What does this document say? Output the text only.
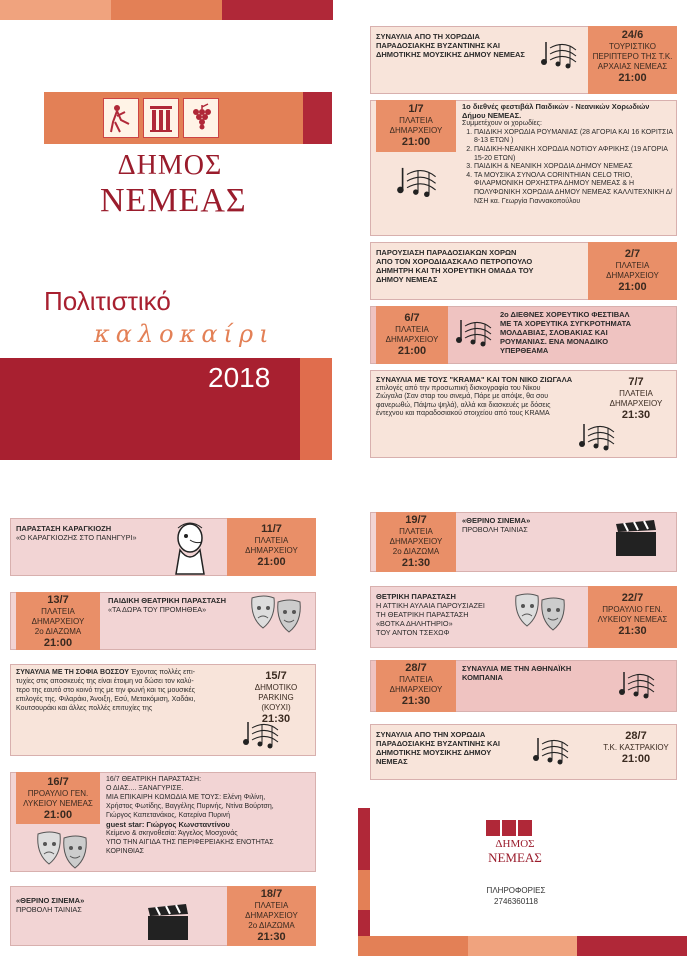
ΔΗΜΟΣ
ΝΕΜΕΑΣ
Πολιτιστικό
καλοκαίρι
2018
24/6
ΤΟΥΡΙΣΤΙΚΟ
ΠΕΡΙΠΤΕΡΟ ΤΗΣ Τ.Κ.
ΑΡΧΑΙΑΣ ΝΕΜΕΑΣ

21:00
ΣΥΝΑΥΛΙΑ ΑΠΟ ΤΗ ΧΟΡΩΔΙΑ
ΠΑΡΑΔΟΣΙΑΚΗΣ ΒΥΖΑΝΤΙΝΗΣ ΚΑΙ
ΔΗΜΟΤΙΚΗΣ ΜΟΥΣΙΚΗΣ ΔΗΜΟΥ ΝΕΜΕΑΣ
1/7
ΠΛΑΤΕΙΑ
ΔΗΜΑΡΧΕΙΟΥ

21:00
1ο διεθνές φεστιβάλ Παιδικών - Νεανικών Χορωδιών
Δήμου ΝΕΜΕΑΣ.
Συμμετέχουν οι χορωδίες:
1. ΠΑΙΔΙΚΗ ΧΟΡΩΔΙΑ ΡΟΥΜΑΝΙΑΣ (28 ΑΓΟΡΙΑ ΚΑΙ 16 ΚΟΡΙΤΣΙΑ 8-13 ΕΤΩΝ )
2. ΠΑΙΔΙΚΗ-ΝΕΑΝΙΚΗ ΧΟΡΩΔΙΑ ΝΟΤΙΟΥ ΑΦΡΙΚΗΣ (19 ΑΓΟΡΙΑ 15-20 ΕΤΩΝ)
3. ΠΑΙΔΙΚΗ & ΝΕΑΝΙΚΗ ΧΟΡΩΔΙΑ ΔΗΜΟΥ ΝΕΜΕΑΣ
4. ΤΑ ΜΟΥΣΙΚΑ ΣΥΝΟΛΑ CORINTHIAN CELO TRIO, ΦΙΛΑΡΜΟΝΙΚΗ ΟΡΧΗΣΤΡΑ ΔΗΜΟΥ ΝΕΜΕΑΣ & Η ΠΟΛΥΦΩΝΙΚΗ ΧΟΡΩΔΙΑ ΔΗΜΟΥ ΝΕΜΕΑΣ ΚΑΛΛΙΤΕΧΝΙΚΗ Δ/ΝΣΗ κα. Γεωργία Γιαννακοπούλου
2/7
ΠΛΑΤΕΙΑ
ΔΗΜΑΡΧΕΙΟΥ

21:00
ΠΑΡΟΥΣΙΑΣΗ ΠΑΡΑΔΟΣΙΑΚΩΝ ΧΟΡΩΝ
ΑΠΟ ΤΟΝ ΧΟΡΟΔΙΔΑΣΚΑΛΟ ΠΕΤΡΟΠΟΥΛΟ
ΔΗΜΗΤΡΗ ΚΑΙ ΤΗ ΧΟΡΕΥΤΙΚΗ ΟΜΑΔΑ ΤΟΥ
ΔΗΜΟΥ ΝΕΜΕΑΣ
6/7
ΠΛΑΤΕΙΑ
ΔΗΜΑΡΧΕΙΟΥ

21:00
2ο ΔΙΕΘΝΕΣ ΧΟΡΕΥΤΙΚΟ ΦΕΣΤΙΒΑΛ
ΜΕ ΤΑ ΧΟΡΕΥΤΙΚΑ ΣΥΓΚΡΟΤΗΜΑΤΑ
ΜΟΛΔΑΒΙΑΣ, ΣΛΟΒΑΚΙΑΣ ΚΑΙ
ΡΟΥΜΑΝΙΑΣ. ΕΝΑ ΜΟΝΑΔΙΚΟ
ΥΠΕΡΘΕΑΜΑ
7/7
ΠΛΑΤΕΙΑ
ΔΗΜΑΡΧΕΙΟΥ

21:30
ΣΥΝΑΥΛΙΑ ΜΕ ΤΟΥΣ "KRAMA" ΚΑΙ ΤΟΝ ΝΙΚΟ ΖΙΩΓΑΛΑ
επιλογές από την προσωπική δισκογραφία του Νίκου
Ζιώγαλα (Σαν σταρ του σινεμά, Πάρε με απόψε, θα σου
φανερωθώ, Πάψτω ψηλά), αλλά και διασκευές με δόσεις
έντεχνου και παραδοσιακού στοιχείου από τους KRAMA
11/7
ΠΛΑΤΕΙΑ
ΔΗΜΑΡΧΕΙΟΥ

21:00
ΠΑΡΑΣΤΑΣΗ ΚΑΡΑΓΚΙΟΖΗ
«Ο ΚΑΡΑΓΚΙΟΖΗΣ ΣΤΟ ΠΑΝΗΓΥΡΙ»
13/7
ΠΛΑΤΕΙΑ
ΔΗΜΑΡΧΕΙΟΥ
2ο ΔΙΑΖΩΜΑ

21:00
ΠΑΙΔΙΚΗ ΘΕΑΤΡΙΚΗ ΠΑΡΑΣΤΑΣΗ
«ΤΑ ΔΩΡΑ ΤΟΥ ΠΡΟΜΗΘΕΑ»
15/7
ΔΗΜΟΤΙΚΟ PARKING
(ΚΟΥΧΙ)

21:30
ΣΥΝΑΥΛΙΑ ΜΕ ΤΗ ΣΟΦΙΑ ΒΟΣΣΟΥ Έχοντας πολλές επι-
τυχίες στις αποσκευές της είναι έτοιμη να δώσει τον καλύ-
τερο της εαυτό στο κοινό της με την φωνή και τις μουσικές
επιλογές της. Φιλαράκι, Άνοιξη, Εσύ, Μετακόμιση, Χαδάκι,
Κουτσουράκι και άλλες πολλές επιτυχίες της
16/7
ΠΡΟΑΥΛΙΟ ΓΕΝ.
ΛΥΚΕΙΟΥ ΝΕΜΕΑΣ

21:00
16/7 ΘΕΑΤΡΙΚΗ ΠΑΡΑΣΤΑΣΗ:
Ο ΔΙΑΣ.... ΞΑΝΑΓΥΡΙΣΕ.
ΜΙΑ ΕΠΙΚΑΙΡΗ ΚΩΜΩΔΙΑ ΜΕ ΤΟΥΣ: Ελένη Φιλίνη,
Χρήστος Φωτίδης, Βαγγέλης Πυρινής, Ντίνα Βούρτση,
Γιώργος Καπετανάκος, Κατερίνα Πυρινή
guest star: Γιώργος Κωνσταντίνου
Κείμενο & σκηνοθεσία: Άγγελος Μοσχονάς
ΥΠΟ ΤΗΝ ΑΙΓΙΔΑ ΤΗΣ ΠΕΡΙΦΕΡΕΙΑΚΗΣ ΕΝΟΤΗΤΑΣ
ΚΟΡΙΝΘΙΑΣ
18/7
ΠΛΑΤΕΙΑ
ΔΗΜΑΡΧΕΙΟΥ
2ο ΔΙΑΖΩΜΑ

21:30
«ΘΕΡΙΝΟ ΣΙΝΕΜΑ»
ΠΡΟΒΟΛΗ ΤΑΙΝΙΑΣ
19/7
ΠΛΑΤΕΙΑ
ΔΗΜΑΡΧΕΙΟΥ
2ο ΔΙΑΖΩΜΑ

21:30
«ΘΕΡΙΝΟ ΣΙΝΕΜΑ»
ΠΡΟΒΟΛΗ ΤΑΙΝΙΑΣ
22/7
ΠΡΟΑΥΛΙΟ ΓΕΝ.
ΛΥΚΕΙΟΥ ΝΕΜΕΑΣ

21:30
ΘΕΤΡΙΚΗ ΠΑΡΑΣΤΑΣΗ
Η ΑΤΤΙΚΗ ΑΥΛΑΙΑ ΠΑΡΟΥΣΙΑΖΕΙ
ΤΗ ΘΕΑΤΡΙΚΗ ΠΑΡΑΣΤΑΣΗ
«ΒΟΤΚΑ ΔΗΛΗΤΗΡΙΟ»
ΤΟΥ ΑΝΤΟΝ ΤΣΕΧΩΦ
28/7
ΠΛΑΤΕΙΑ
ΔΗΜΑΡΧΕΙΟΥ

21:30
ΣΥΝΑΥΛΙΑ ΜΕ ΤΗΝ ΑΘΗΝΑΪΚΗ
ΚΟΜΠΑΝΙΑ
28/7
Τ.Κ. ΚΑΣΤΡΑΚΙΟΥ

21:00
ΣΥΝΑΥΛΙΑ ΑΠΟ ΤΗΝ ΧΟΡΩΔΙΑ
ΠΑΡΑΔΟΣΙΑΚΗΣ ΒΥΖΑΝΤΙΝΗΣ ΚΑΙ
ΔΗΜΟΤΙΚΗΣ ΜΟΥΣΙΚΗΣ ΔΗΜΟΥ
ΝΕΜΕΑΣ
ΔΗΜΟΣ
ΝΕΜΕΑΣ
ΠΛΗΡΟΦΟΡΙΕΣ
2746360118
